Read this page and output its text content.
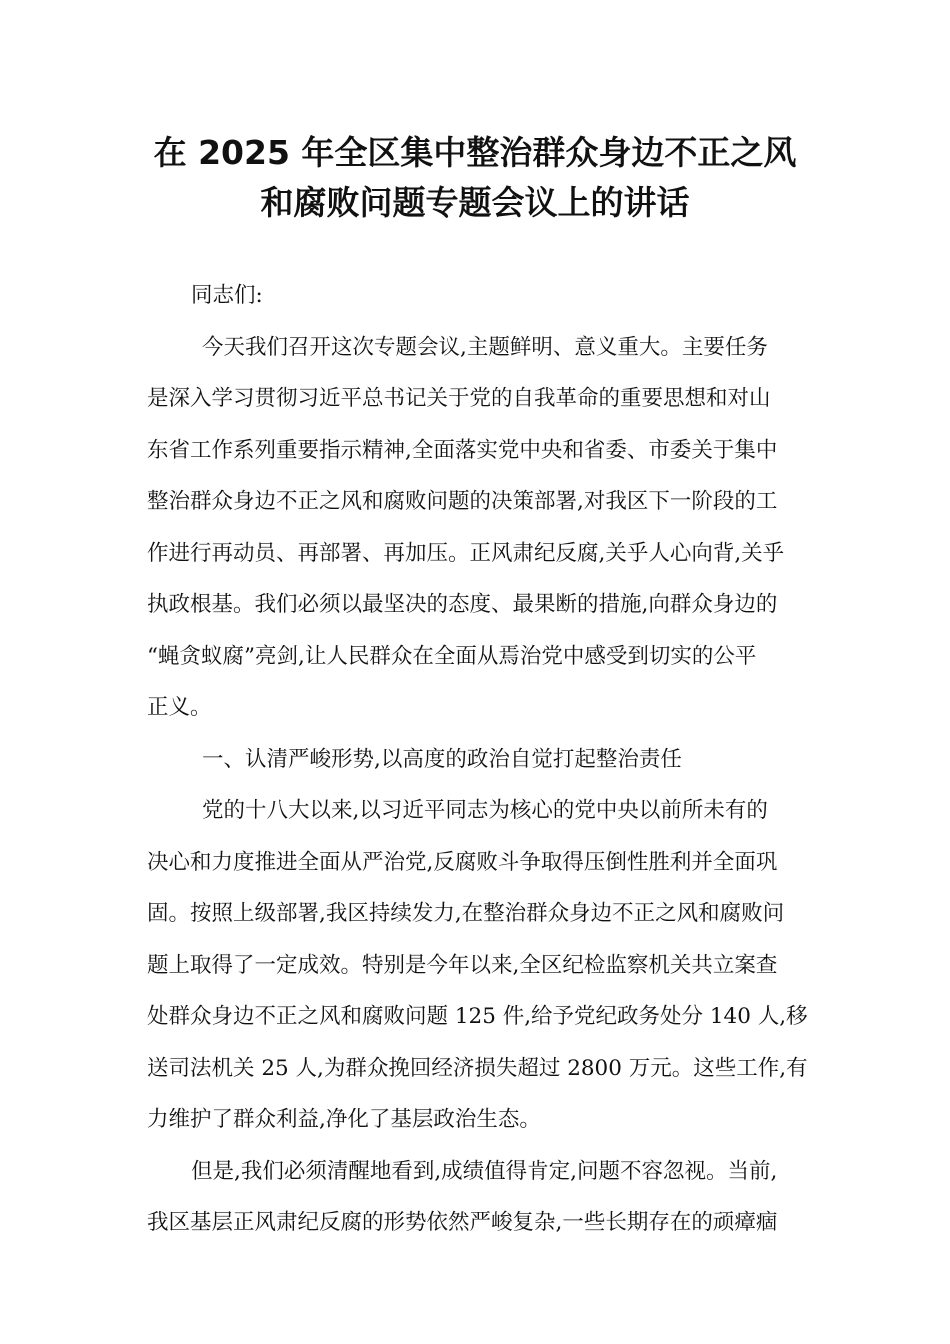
在 2025 年全区集中整治群众身边不正之风
和腐败问题专题会议上的讲话

同志们:

今天我们召开这次专题会议,主题鲜明、意义重大。主要任务
是深入学习贯彻习近平总书记关于党的自我革命的重要思想和对山
东省工作系列重要指示精神,全面落实党中央和省委、市委关于集中
整治群众身边不正之风和腐败问题的决策部署,对我区下一阶段的工
作进行再动员、再部署、再加压。正风肃纪反腐,关乎人心向背,关乎
执政根基。我们必须以最坚决的态度、最果断的措施,向群众身边的
“蝇贪蚁腐”亮剑,让人民群众在全面从焉治党中感受到切实的公平
正义。

一、认清严峻形势,以高度的政治自觉打起整治责任

党的十八大以来,以习近平同志为核心的党中央以前所未有的
决心和力度推进全面从严治党,反腐败斗争取得压倒性胜利并全面巩
固。按照上级部署,我区持续发力,在整治群众身边不正之风和腐败问
题上取得了一定成效。特别是今年以来,全区纪检监察机关共立案查
处群众身边不正之风和腐败问题 125 件,给予党纪政务处分 140 人,移
送司法机关 25 人,为群众挽回经济损失超过 2800 万元。这些工作,有
力维护了群众利益,净化了基层政治生态。

但是,我们必须清醒地看到,成绩值得肯定,问题不容忽视。当前,
我区基层正风肃纪反腐的形势依然严峻复杂,一些长期存在的顽瘴痼
